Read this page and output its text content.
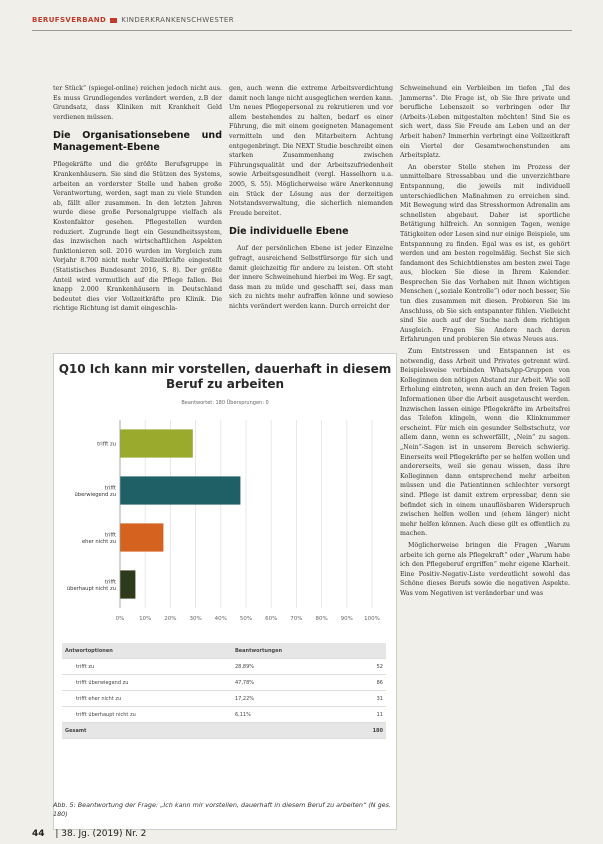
BERUFSVERBAND KINDERKRANKENSCHWESTER

ter Stück“ (spiegel-online) reichen jedoch nicht aus. Es muss Grundlegendes verändert werden, z.B der Grundsatz, dass Kliniken mit Krankheit Geld verdienen müssen.

Die Organisationsebene und Management-Ebene

Pflegekräfte und die größte Berufsgruppe in Krankenhäusern. Sie sind die Stützen des Systems, arbeiten an vorderster Stelle und haben große Verantwortung, werden, sagt man zu viele Stunden ab, fällt aller zusammen. In den letzten Jahren wurde diese große Personalgruppe vielfach als Kostenfaktor gesehen. Pflegestellen wurden reduziert. Zugrunde liegt ein Gesundheitssystem, das inzwischen nach wirtschaftlichen Aspekten funktionieren soll. 2016 wurden im Vergleich zum Vorjahr 8.700 nicht mehr Vollzeitkräfte eingestellt (Statistisches Bundesamt 2016, S. 8). Der größte Anteil wird vermutlich auf die Pflege fallen. Bei knapp 2.000 Krankenhäusern in Deutschland bedeutet dies vier Vollzeitkräfte pro Klinik. Die richtige Richtung ist damit eingeschla-

gen, auch wenn die extreme Arbeitsverdichtung damit noch lange nicht ausgeglichen werden kann. Um neues Pflegepersonal zu rekrutieren und vor allem bestehendes zu halten, bedarf es einer Führung, die mit einem geeigneten Management vermitteln und den Mitarbeitern Achtung entgegenbringt. Die NEXT Studie beschreibt einen starken Zusammenhang zwischen Führungsqualität und der Arbeitszufriedenheit sowie Arbeitsgesundheit (vergl. Hasselhorn u.a. 2005, S. 55). Möglicherweise wäre Anerkennung ein Stück der Lösung aus der derzeitigen Notstandsverwaltung, die sicherlich niemanden Freude bereitet.

Die individuelle Ebene

Auf der persönlichen Ebene ist jeder Einzelne gefragt, ausreichend Selbstfürsorge für sich und damit gleichzeitig für andere zu leisten. Oft steht der innere Schweinehund hierbei im Weg. Er sagt, dass man zu müde und geschafft sei, dass man sich zu nichts mehr aufraffen könne und sowieso nichts verändert werden kann. Durch erreicht der

Schweinehund ein Verbleiben im tiefen „Tal des Jammerns“. Die Frage ist, ob Sie Ihre private und berufliche Lebenszeit so verbringen oder Ihr (Arbeits-)Leben mitgestalten möchten! Sind Sie es sich wert, dass Sie Freude am Leben und an der Arbeit haben? Immerhin verbringt eine Vollzeitkraft ein Viertel der Gesamtwochenstunden am Arbeitsplatz.

An oberster Stelle stehen im Prozess der unmittelbare Stressabbau und die unverzichtbare Entspannung, die jeweils mit individuell unterschiedlichen Maßnahmen zu erreichen sind. Mit Bewegung wird das Stresshormon Adrenalin am schnellsten abgebaut. Daher ist sportliche Betätigung hilfreich. An sonnigen Tagen, wenige Tätigkeiten oder Lesen sind nur einige Beispiele, um Entspannung zu finden. Egal was es ist, es gehört werden und am besten regelmäßig. Sechst Sie sich fandamont des Schichtdienstes am besten zwei Tage aus, blocken Sie diese in Ihrem Kalender. Besprechen Sie das Vorhaben mit Ihnen wichtigen Menschen („soziale Kontrolle“) oder noch besser, Sie tun dies zusammen mit diesen. Probieren Sie im Anschluss, ob Sie sich entspannter fühlen. Vielleicht sind Sie auch auf der Suche nach dem richtigen Ausgleich. Fragen Sie Andere nach deren Erfahrungen und probieren Sie etwas Neues aus.

Zum Entstressen und Entspannen ist es notwendig, dass Arbeit und Privates getrennt wird. Beispielsweise verbinden WhatsApp-Gruppen von Kolleginnen den nötigen Abstand zur Arbeit. Wie soll Erholung eintreten, wenn auch an den freien Tagen Informationen über die Arbeit ausgetauscht werden. Inzwischen lassen einige Pflegekräfte im Arbeitsfrei das Telefon klingeln, wenn die Klinknummer erscheint. Für mich ein gesunder Selbstschutz, vor allem dann, wenn es schwerfällt, „Nein“ zu sagen. „Nein“-Sagen ist in unserem Bereich schwierig. Einerseits weil Pflegekräfte per se helfen wollen und andererseits, weil sie genau wissen, dass ihre Kolleginnen dann entsprechend mehr arbeiten müssen und die Patientinnen schlechter versorgt sind. Pflege ist damit extrem erpressbar, denn sie befindet sich in einem unauflösbaren Widerspruch zwischen helfen wollen und (ehem länger) nicht mehr helfen können. Auch diese gilt es offentlich zu machen.

Möglicherweise bringen die Fragen „Warum arbeite ich gerne als Pflegekraft“ oder „Warum habe ich den Pflegeberuf ergriffen“ mehr eigene Klarheit. Eine Positiv-Negativ-Liste verdeutlicht sowohl das Schöne dieses Berufs sowie die negativen Aspekte. Was vom Negativen ist veränderbar und was

Q10 Ich kann mir vorstellen, dauerhaft in diesem Beruf zu arbeiten
Beantwortet: 180 Übersprungen: 0
0%	10% 20% 30% 40% 50% 60% 70% 80% 90% 100%
trifft zu
trifft
überwiegend zu
trifft
eher nicht zu
trifft
überhaupt nicht zu
Antwortoptionen	Beantwortungen	
trifft zu	28,89%	52
trifft überwiegend zu	47,78%	86
trifft eher nicht zu	17,22%	31
trifft überhaupt nicht zu	6,11%	11
Gesamt		180
Abb. 5: Beantwortung der Frage: „Ich kann mir vorstellen, dauerhaft in diesem Beruf zu arbeiten“ (N ges. 180)
44 | 38. Jg. (2019) Nr. 2
